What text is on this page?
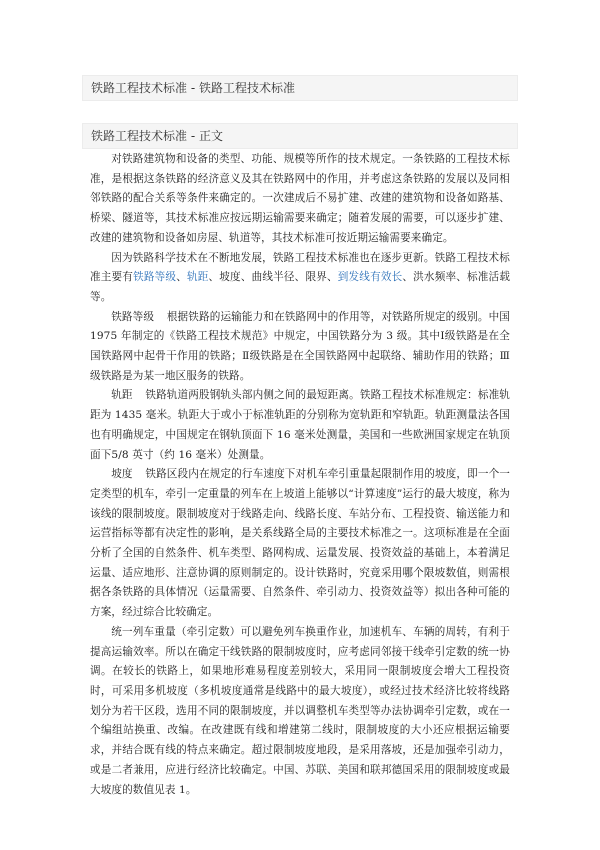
铁路工程技术标准 - 铁路工程技术标准
铁路工程技术标准 - 正文

对铁路建筑物和设备的类型、功能、规模等所作的技术规定。一条铁路的工程技术标准，是根据这条铁路的经济意义及其在铁路网中的作用，并考虑这条铁路的发展以及同相邻铁路的配合关系等条件来确定的。一次建成后不易扩建、改建的建筑物和设备如路基、桥梁、隧道等，其技术标准应按远期运输需要来确定；随着发展的需要，可以逐步扩建、改建的建筑物和设备如房屋、轨道等，其技术标准可按近期运输需要来确定。

因为铁路科学技术在不断地发展，铁路工程技术标准也在逐步更新。铁路工程技术标准主要有铁路等级、轨距、坡度、曲线半径、限界、到发线有效长、洪水频率、标准活载等。

铁路等级 根据铁路的运输能力和在铁路网中的作用等，对铁路所规定的级别。中国1975 年制定的《铁路工程技术规范》中规定，中国铁路分为 3 级。其中Ⅰ级铁路是在全国铁路网中起骨干作用的铁路；Ⅱ级铁路是在全国铁路网中起联络、辅助作用的铁路；Ⅲ级铁路是为某一地区服务的铁路。

轨距 铁路轨道两股钢轨头部内侧之间的最短距离。铁路工程技术标准规定：标准轨距为 1435 毫米。轨距大于或小于标准轨距的分别称为宽轨距和窄轨距。轨距测量法各国也有明确规定，中国规定在钢轨顶面下 16 毫米处测量，美国和一些欧洲国家规定在轨顶面下5/8 英寸（约 16 毫米）处测量。

坡度 铁路区段内在规定的行车速度下对机车牵引重量起限制作用的坡度，即一个一定类型的机车，牵引一定重量的列车在上坡道上能够以“计算速度”运行的最大坡度，称为该线的限制坡度。限制坡度对于线路走向、线路长度、车站分布、工程投资、输送能力和运营指标等都有决定性的影响，是关系线路全局的主要技术标准之一。这项标准是在全面分析了全国的自然条件、机车类型、路网构成、运量发展、投资效益的基础上，本着满足运量、适应地形、注意协调的原则制定的。设计铁路时，究竟采用哪个限坡数值，则需根据各条铁路的具体情况（运量需要、自然条件、牵引动力、投资效益等）拟出各种可能的方案，经过综合比较确定。

统一列车重量（牵引定数）可以避免列车换重作业，加速机车、车辆的周转，有利于提高运输效率。所以在确定干线铁路的限制坡度时，应考虑同邻接干线牵引定数的统一协调。在较长的铁路上，如果地形难易程度差别较大，采用同一限制坡度会增大工程投资时，可采用多机坡度（多机坡度通常是线路中的最大坡度），或经过技术经济比较将线路划分为若干区段，选用不同的限制坡度，并以调整机车类型等办法协调牵引定数，或在一个编组站换重、改编。在改建既有线和增建第二线时，限制坡度的大小还应根据运输要求，并结合既有线的特点来确定。超过限制坡度地段，是采用落坡，还是加强牵引动力，或是二者兼用，应进行经济比较确定。中国、苏联、美国和联邦德国采用的限制坡度或最大坡度的数值见表 1。
